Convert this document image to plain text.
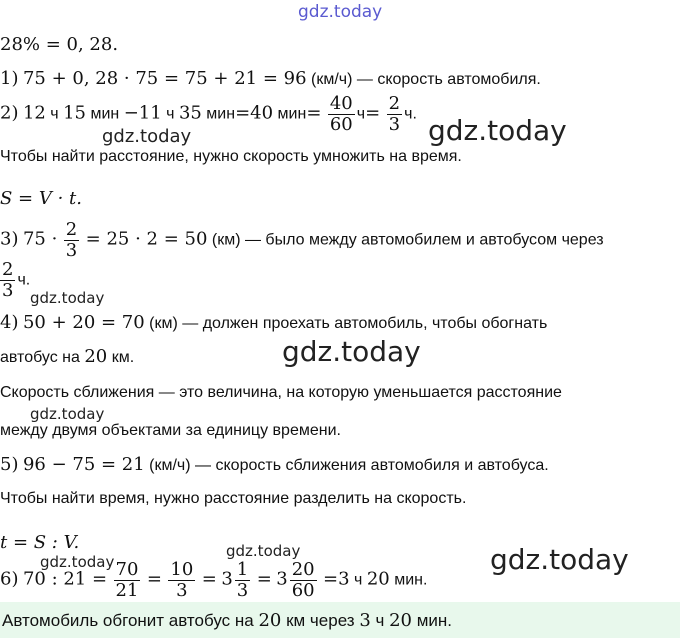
gdz.today
gdz.today
gdz.today
gdz.today
gdz.today
gdz.today
gdz.today
gdz.today
gdz.today
28% = 0, 28.
1) 75 + 0, 28 · 75 = 75 + 21 = 96 (км/ч) — скорость автомобиля.
2) 12 ч 15 мин −11 ч 35 мин=40 $мин= \frac{40}{60} ч= \frac{2}{3} ч$.
Чтобы найти расстояние, нужно скорость умножить на время.
S = V · t.
3) $75 \cdot \frac{2}{3} = 25 \cdot 2 = 50$ (км) — было между автомобилем и автобусом через
$\frac{2}{3} ч$.
4) 50 + 20 = 70 (км) — должен проехать автомобиль, чтобы обогнать
автобус на 20 км.
Скорость сближения — это величина, на которую уменьшается расстояние
между двумя объектами за единицу времени.
5) 96 − 75 = 21 (км/ч) — скорость сближения автомобиля и автобуса.
Чтобы найти время, нужно расстояние разделить на скорость.
t = S : V.
6) 70 : $21 = \frac{70}{21} = \frac{10}{3} = 3 \frac{1}{3} = 3 \frac{20}{60} =3$ ч 20 мин.
Автомобиль обгонит автобус на 20 км через 3 ч 20 мин.
